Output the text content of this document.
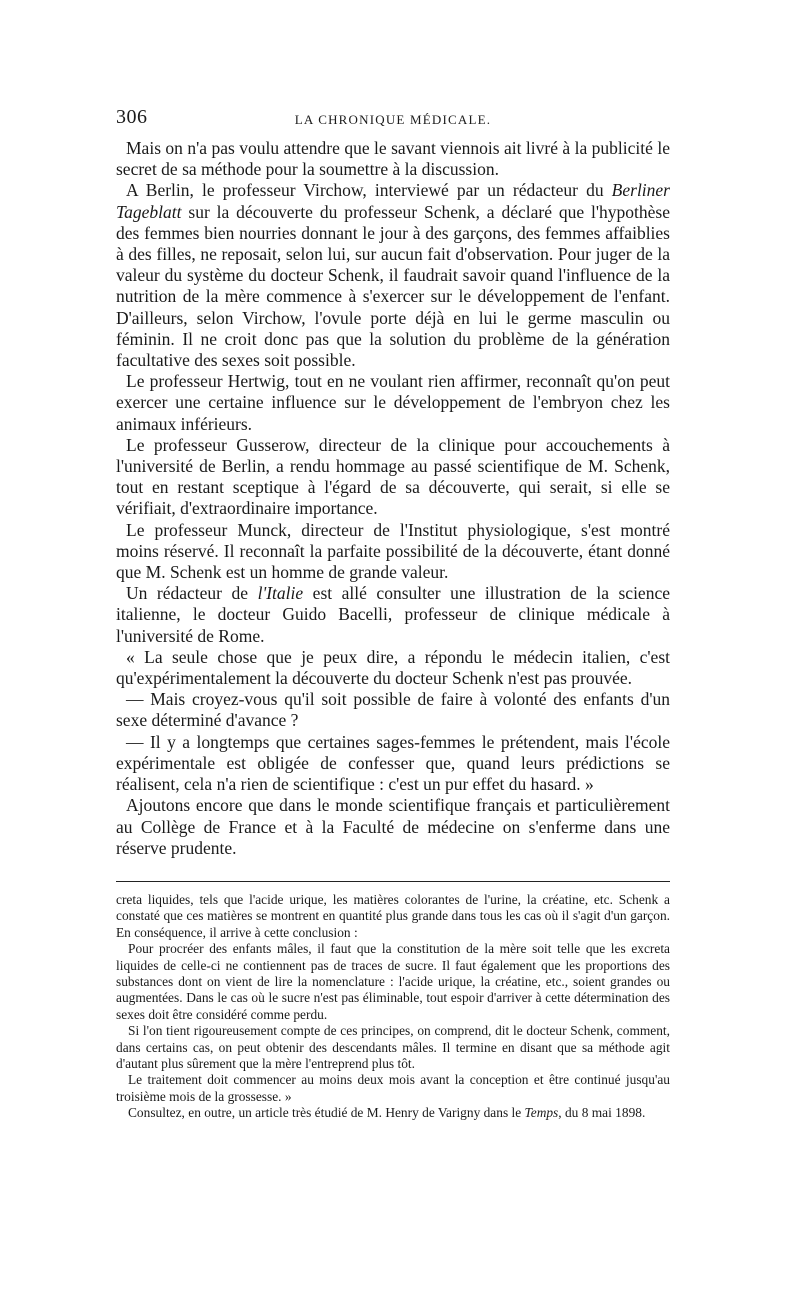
306	LA CHRONIQUE MÉDICALE.

Mais on n'a pas voulu attendre que le savant viennois ait livré à la publicité le secret de sa méthode pour la soumettre à la discussion.

A Berlin, le professeur Virchow, interviewé par un rédacteur du Berliner Tageblatt sur la découverte du professeur Schenk, a déclaré que l'hypothèse des femmes bien nourries donnant le jour à des garçons, des femmes affaiblies à des filles, ne reposait, selon lui, sur aucun fait d'observation. Pour juger de la valeur du système du docteur Schenk, il faudrait savoir quand l'influence de la nutrition de la mère commence à s'exercer sur le développement de l'enfant. D'ailleurs, selon Virchow, l'ovule porte déjà en lui le germe masculin ou féminin. Il ne croit donc pas que la solution du problème de la génération facultative des sexes soit possible.

Le professeur Hertwig, tout en ne voulant rien affirmer, reconnaît qu'on peut exercer une certaine influence sur le développement de l'embryon chez les animaux inférieurs.

Le professeur Gusserow, directeur de la clinique pour accouchements à l'université de Berlin, a rendu hommage au passé scientifique de M. Schenk, tout en restant sceptique à l'égard de sa découverte, qui serait, si elle se vérifiait, d'extraordinaire importance.

Le professeur Munck, directeur de l'Institut physiologique, s'est montré moins réservé. Il reconnaît la parfaite possibilité de la découverte, étant donné que M. Schenk est un homme de grande valeur.

Un rédacteur de l'Italie est allé consulter une illustration de la science italienne, le docteur Guido Bacelli, professeur de clinique médicale à l'université de Rome.

« La seule chose que je peux dire, a répondu le médecin italien, c'est qu'expérimentalement la découverte du docteur Schenk n'est pas prouvée.

— Mais croyez-vous qu'il soit possible de faire à volonté des enfants d'un sexe déterminé d'avance ?

— Il y a longtemps que certaines sages-femmes le prétendent, mais l'école expérimentale est obligée de confesser que, quand leurs prédictions se réalisent, cela n'a rien de scientifique : c'est un pur effet du hasard. »

Ajoutons encore que dans le monde scientifique français et particulièrement au Collège de France et à la Faculté de médecine on s'enferme dans une réserve prudente.

creta liquides, tels que l'acide urique, les matières colorantes de l'urine, la créatine, etc. Schenk a constaté que ces matières se montrent en quantité plus grande dans tous les cas où il s'agit d'un garçon. En conséquence, il arrive à cette conclusion :

Pour procréer des enfants mâles, il faut que la constitution de la mère soit telle que les excreta liquides de celle-ci ne contiennent pas de traces de sucre. Il faut également que les proportions des substances dont on vient de lire la nomenclature : l'acide urique, la créatine, etc., soient grandes ou augmentées. Dans le cas où le sucre n'est pas éliminable, tout espoir d'arriver à cette détermination des sexes doit être considéré comme perdu.

Si l'on tient rigoureusement compte de ces principes, on comprend, dit le docteur Schenk, comment, dans certains cas, on peut obtenir des descendants mâles. Il termine en disant que sa méthode agit d'autant plus sûrement que la mère l'entreprend plus tôt.

Le traitement doit commencer au moins deux mois avant la conception et être continué jusqu'au troisième mois de la grossesse. »

Consultez, en outre, un article très étudié de M. Henry de Varigny dans le Temps, du 8 mai 1898.
